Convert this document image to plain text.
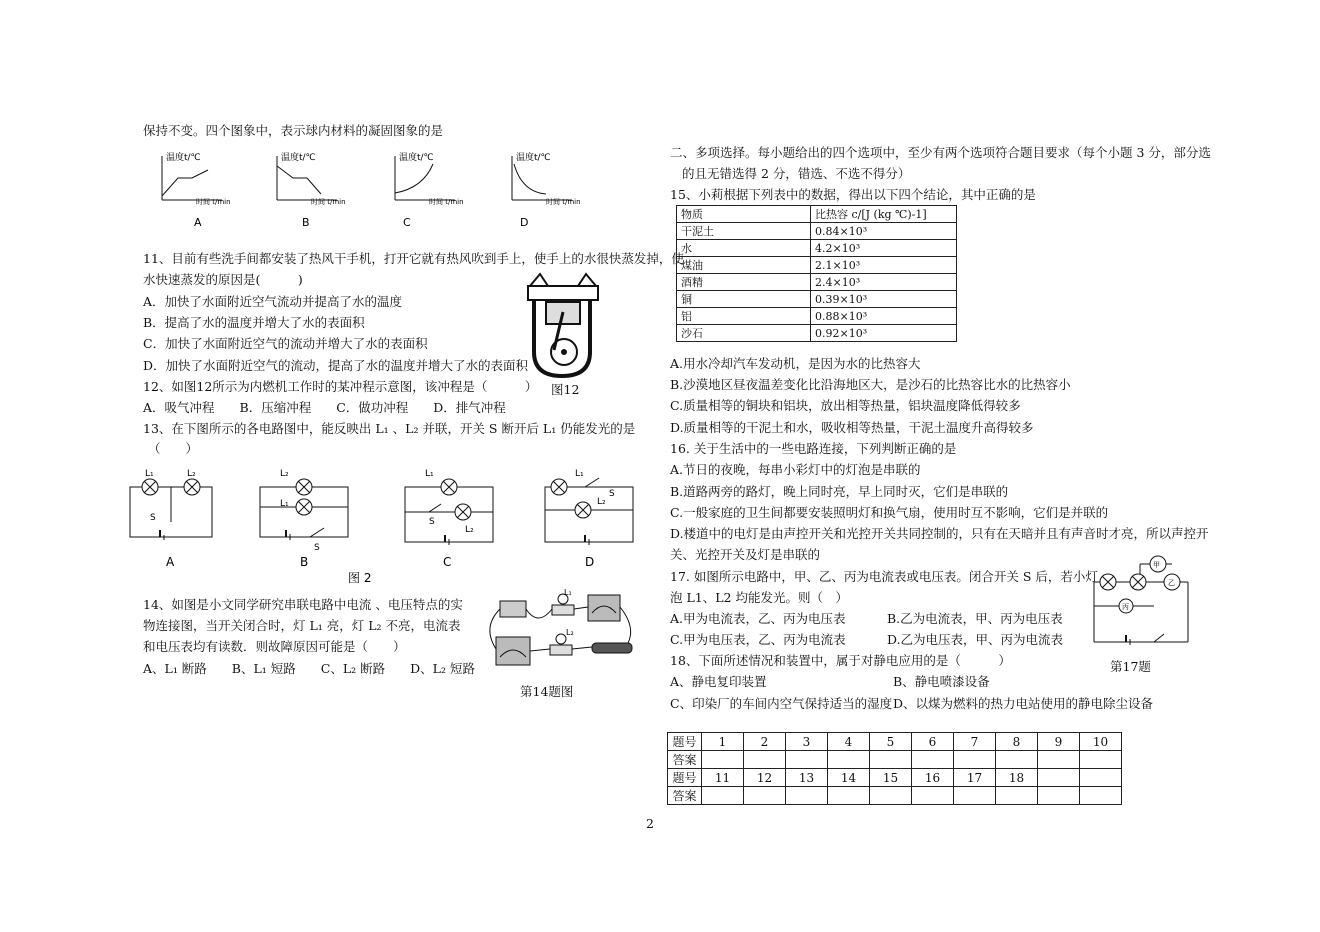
保持不变。四个图象中，表示球内材料的凝固图象的是
温度t/℃
时间 t/min
A
温度t/℃
时间 t/min
B
温度t/℃
时间 t/min
C
温度t/℃
时间 t/min
D
11、目前有些洗手间都安装了热风干手机，打开它就有热风吹到手上，使手上的水很快蒸发掉，使
水快速蒸发的原因是(　　　)
A．加快了水面附近空气流动并提高了水的温度
B．提高了水的温度并增大了水的表面积
C．加快了水面附近空气的流动并增大了水的表面积
D．加快了水面附近空气的流动，提高了水的温度并增大了水的表面积
图12
12、如图12所示为内燃机工作时的某冲程示意图，该冲程是（　　　）
A．吸气冲程　　B．压缩冲程　　C．做功冲程　　D．排气冲程
13、在下图所示的各电路图中，能反映出 L₁ 、L₂ 并联，开关 S 断开后 L₁ 仍能发光的是
（　　）
L₁	L₂
S
A
L₂
L₁
S
B
L₁
S
L₂
C
L₁
S
L₂
D
图 2
14、如图是小文同学研究串联电路中电流 、电压特点的实
物连接图，当开关闭合时，灯 L₁ 亮，灯 L₂ 不亮，电流表
和电压表均有读数．则故障原因可能是（　　）
A、L₁ 断路　　B、L₁ 短路　　C、L₂ 断路　　D、L₂ 短路
L₁
L₂
第14题图
二、多项选择。每小题给出的四个选项中，至少有两个选项符合题目要求（每个小题 3 分，部分选
的且无错选得 2 分，错选、不选不得分）
15、小莉根据下列表中的数据，得出以下四个结论，其中正确的是
物质	比热容 c/[J (kg ℃)-1]
干泥土	0.84×10³
水	4.2×10³
煤油	2.1×10³
酒精	2.4×10³
铜	0.39×10³
铝	0.88×10³
沙石	0.92×10³
A.用水冷却汽车发动机，是因为水的比热容大
B.沙漠地区昼夜温差变化比沿海地区大，是沙石的比热容比水的比热容小
C.质量相等的铜块和铝块，放出相等热量，铝块温度降低得较多
D.质量相等的干泥土和水，吸收相等热量，干泥土温度升高得较多
16. 关于生活中的一些电路连接，下列判断正确的是
A.节日的夜晚，每串小彩灯中的灯泡是串联的
B.道路两旁的路灯，晚上同时亮，早上同时灭，它们是串联的
C.一般家庭的卫生间都要安装照明灯和换气扇，使用时互不影响，它们是并联的
D.楼道中的电灯是由声控开关和光控开关共同控制的，只有在天暗并且有声音时才亮，所以声控开
关、光控开关及灯是串联的
17. 如图所示电路中，甲、乙、丙为电流表或电压表。闭合开关 S 后，若小灯
泡 L1、L2 均能发光。则（　）
A.甲为电流表，乙、丙为电压表	B.乙为电流表，甲、丙为电压表
C.甲为电压表，乙、丙为电流表	D.乙为电压表，甲、丙为电流表
甲
乙
丙
第17题
18、下面所述情况和装置中，属于对静电应用的是（　　　）
A、静电复印装置	B、静电喷漆设备
C、印染厂的车间内空气保持适当的湿度 D、以煤为燃料的热力电站使用的静电除尘设备
题号	1	2	3	4	5	6	7	8	9	10
答案										
题号	11	12	13	14	15	16	17	18		
答案										
2
